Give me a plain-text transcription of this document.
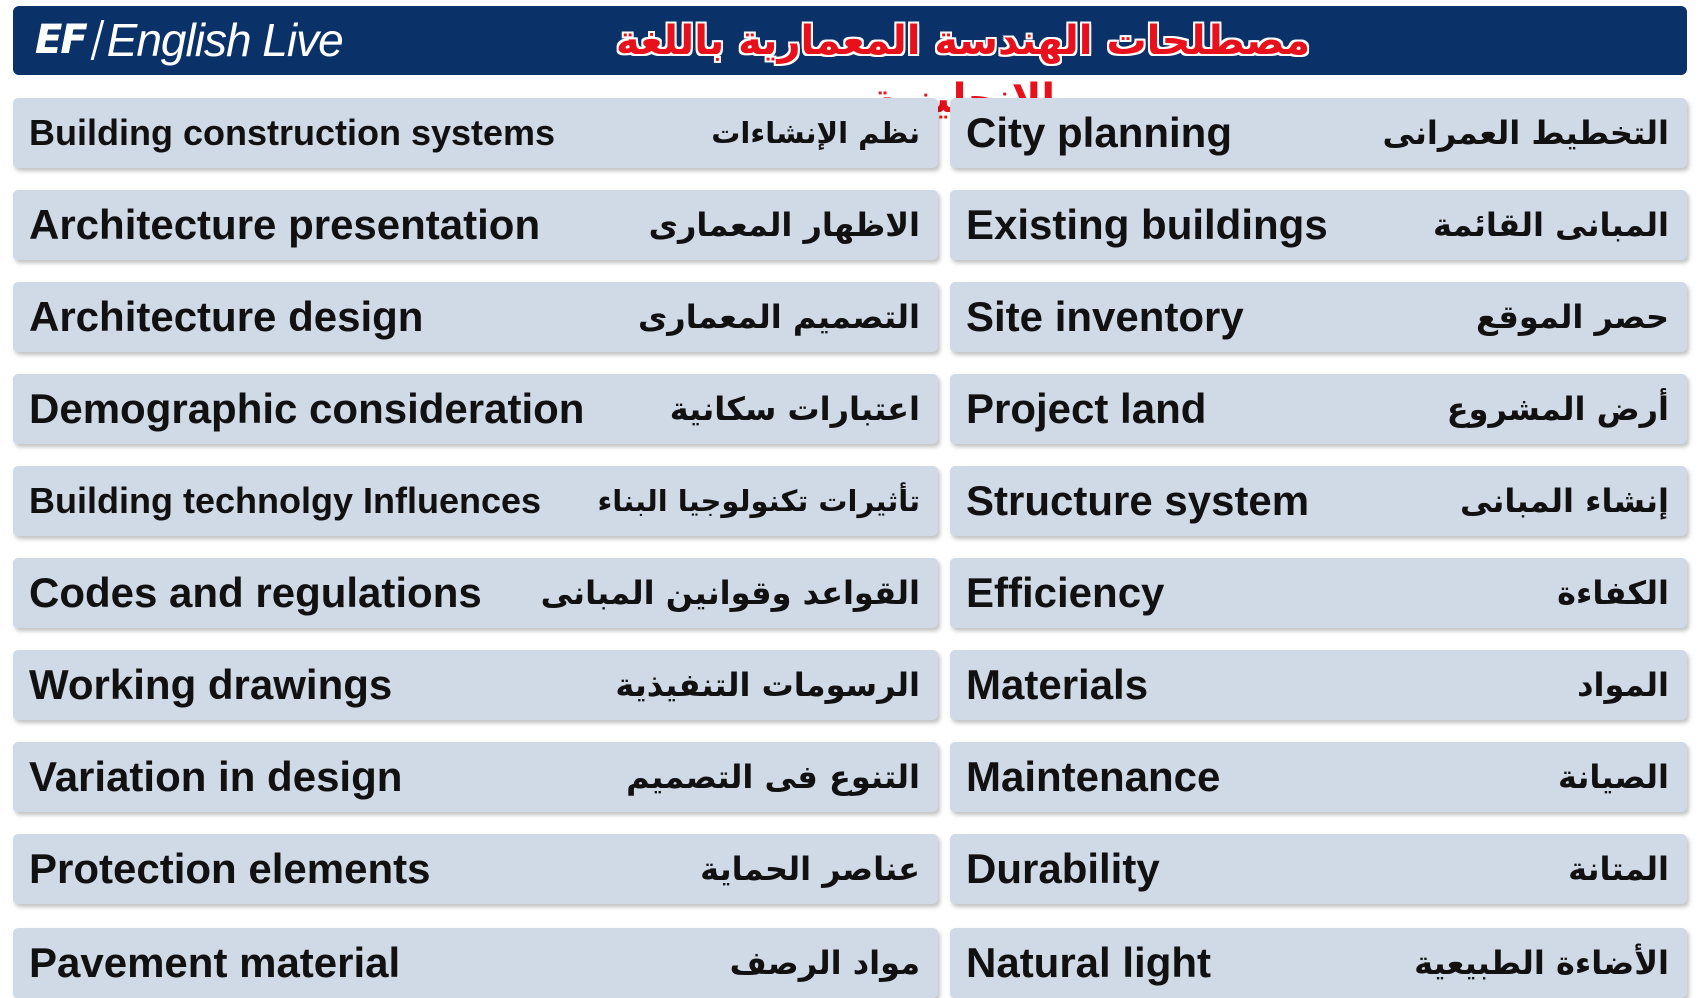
EF English Live	مصطلحات الهندسة المعمارية باللغة
Building construction systems	نظم الإنشاءات
Architecture presentation	الاظهار المعمارى
Architecture design	التصميم المعمارى
Demographic consideration	اعتبارات سكانية
Building technolgy Influences تأثيرات تكنولوجيا البناء
Codes and regulations القواعد وقوانين المبانى
Working drawings	الرسومات التنفيذية
Variation in design	التنوع فى التصميم
Protection elements	عناصر الحماية
Pavement material	مواد الرصف
City planning	التخطيط العمرانى
Existing buildings	المبانى القائمة
Site inventory	حصر الموقع
Project land	أرض المشروع
Structure system	إنشاء المبانى
Efficiency	الكفاءة
Materials	المواد
Maintenance	الصيانة
Durability	المتانة
Natural light	الأضاءة الطبيعية
